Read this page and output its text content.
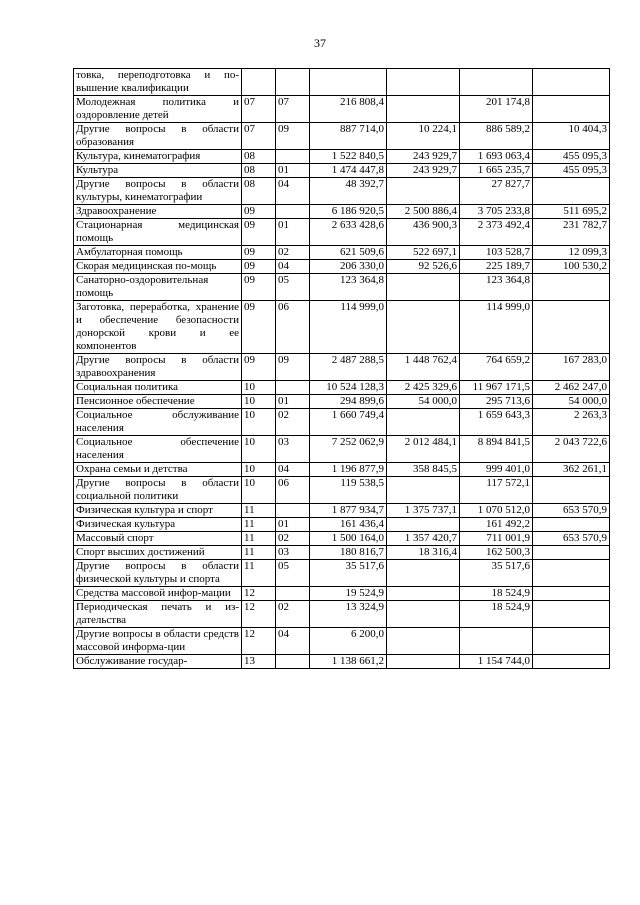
37
товка, переподготовка и по-вышение квалификации						
Молодежная политика и оздоровление детей	07	07	216 808,4		201 174,8	
Другие вопросы в области образования	07	09	887 714,0	10 224,1	886 589,2	10 404,3
Культура, кинематография	08		1 522 840,5	243 929,7	1 693 063,4	455 095,3
Культура	08	01	1 474 447,8	243 929,7	1 665 235,7	455 095,3
Другие вопросы в области культуры, кинематографии	08	04	48 392,7		27 827,7	
Здравоохранение	09		6 186 920,5	2 500 886,4	3 705 233,8	511 695,2
Стационарная медицинская помощь	09	01	2 633 428,6	436 900,3	2 373 492,4	231 782,7
Амбулаторная помощь	09	02	621 509,6	522 697,1	103 528,7	12 099,3
Скорая медицинская по-мощь	09	04	206 330,0	92 526,6	225 189,7	100 530,2
Санаторно-оздоровительная помощь	09	05	123 364,8		123 364,8	
Заготовка, переработка, хранение и обеспечение безопасности донорской крови и ее компонентов	09	06	114 999,0		114 999,0	
Другие вопросы в области здравоохранения	09	09	2 487 288,5	1 448 762,4	764 659,2	167 283,0
Социальная политика	10		10 524 128,3	2 425 329,6	11 967 171,5	2 462 247,0
Пенсионное обеспечение	10	01	294 899,6	54 000,0	295 713,6	54 000,0
Социальное обслуживание населения	10	02	1 660 749,4		1 659 643,3	2 263,3
Социальное обеспечение населения	10	03	7 252 062,9	2 012 484,1	8 894 841,5	2 043 722,6
Охрана семьи и детства	10	04	1 196 877,9	358 845,5	999 401,0	362 261,1
Другие вопросы в области социальной политики	10	06	119 538,5		117 572,1	
Физическая культура и спорт	11		1 877 934,7	1 375 737,1	1 070 512,0	653 570,9
Физическая культура	11	01	161 436,4		161 492,2	
Массовый спорт	11	02	1 500 164,0	1 357 420,7	711 001,9	653 570,9
Спорт высших достижений	11	03	180 816,7	18 316,4	162 500,3	
Другие вопросы в области физической культуры и спорта	11	05	35 517,6		35 517,6	
Средства массовой инфор-мации	12		19 524,9		18 524,9	
Периодическая печать и из-дательства	12	02	13 324,9		18 524,9	
Другие вопросы в области средств массовой информа-ции	12	04	6 200,0			
Обслуживание государ-	13		1 138 661,2		1 154 744,0	
